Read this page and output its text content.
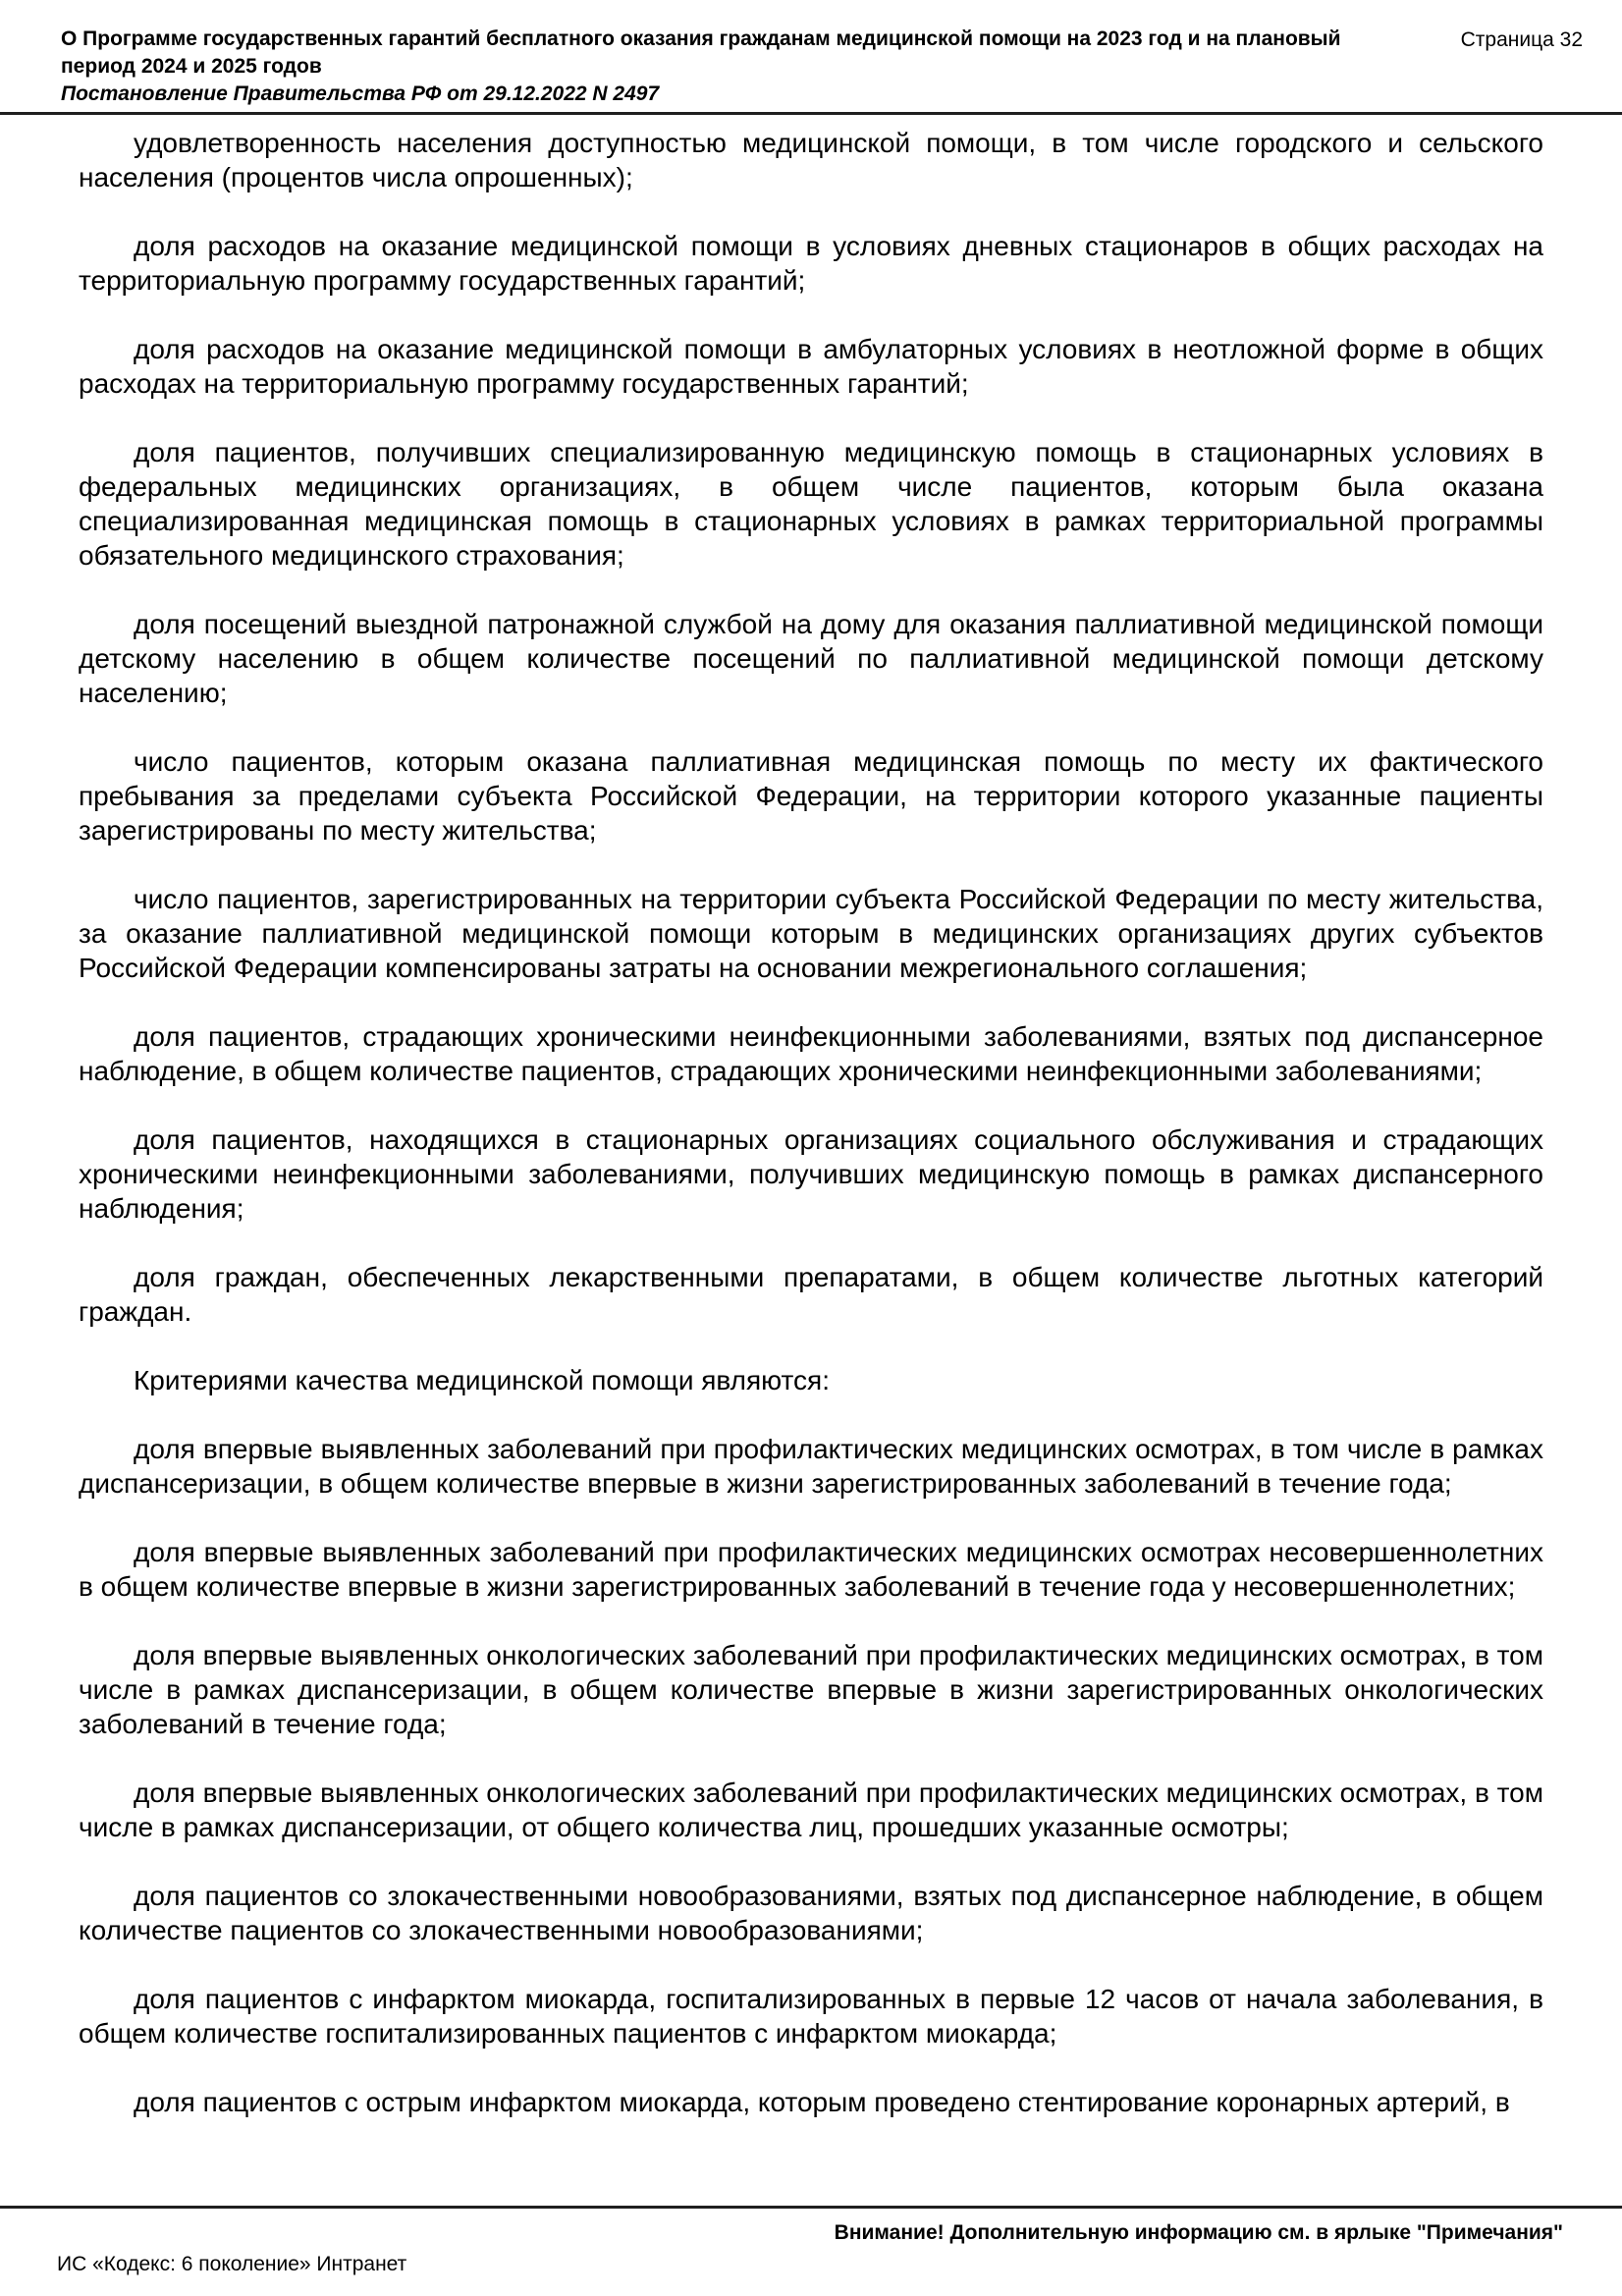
О Программе государственных гарантий бесплатного оказания гражданам медицинской помощи на 2023 год и на плановый период 2024 и 2025 годов
Страница 32
Постановление Правительства РФ от 29.12.2022 N 2497

удовлетворенность населения доступностью медицинской помощи, в том числе городского и сельского населения (процентов числа опрошенных);

доля расходов на оказание медицинской помощи в условиях дневных стационаров в общих расходах на территориальную программу государственных гарантий;

доля расходов на оказание медицинской помощи в амбулаторных условиях в неотложной форме в общих расходах на территориальную программу государственных гарантий;

доля пациентов, получивших специализированную медицинскую помощь в стационарных условиях в федеральных медицинских организациях, в общем числе пациентов, которым была оказана специализированная медицинская помощь в стационарных условиях в рамках территориальной программы обязательного медицинского страхования;

доля посещений выездной патронажной службой на дому для оказания паллиативной медицинской помощи детскому населению в общем количестве посещений по паллиативной медицинской помощи детскому населению;

число пациентов, которым оказана паллиативная медицинская помощь по месту их фактического пребывания за пределами субъекта Российской Федерации, на территории которого указанные пациенты зарегистрированы по месту жительства;

число пациентов, зарегистрированных на территории субъекта Российской Федерации по месту жительства, за оказание паллиативной медицинской помощи которым в медицинских организациях других субъектов Российской Федерации компенсированы затраты на основании межрегионального соглашения;

доля пациентов, страдающих хроническими неинфекционными заболеваниями, взятых под диспансерное наблюдение, в общем количестве пациентов, страдающих хроническими неинфекционными заболеваниями;

доля пациентов, находящихся в стационарных организациях социального обслуживания и страдающих хроническими неинфекционными заболеваниями, получивших медицинскую помощь в рамках диспансерного наблюдения;

доля граждан, обеспеченных лекарственными препаратами, в общем количестве льготных категорий граждан.

Критериями качества медицинской помощи являются:

доля впервые выявленных заболеваний при профилактических медицинских осмотрах, в том числе в рамках диспансеризации, в общем количестве впервые в жизни зарегистрированных заболеваний в течение года;

доля впервые выявленных заболеваний при профилактических медицинских осмотрах несовершеннолетних в общем количестве впервые в жизни зарегистрированных заболеваний в течение года у несовершеннолетних;

доля впервые выявленных онкологических заболеваний при профилактических медицинских осмотрах, в том числе в рамках диспансеризации, в общем количестве впервые в жизни зарегистрированных онкологических заболеваний в течение года;

доля впервые выявленных онкологических заболеваний при профилактических медицинских осмотрах, в том числе в рамках диспансеризации, от общего количества лиц, прошедших указанные осмотры;

доля пациентов со злокачественными новообразованиями, взятых под диспансерное наблюдение, в общем количестве пациентов со злокачественными новообразованиями;

доля пациентов с инфарктом миокарда, госпитализированных в первые 12 часов от начала заболевания, в общем количестве госпитализированных пациентов с инфарктом миокарда;

доля пациентов с острым инфарктом миокарда, которым проведено стентирование коронарных артерий, в

Внимание! Дополнительную информацию см. в ярлыке "Примечания"
ИС «Кодекс: 6 поколение» Интранет
